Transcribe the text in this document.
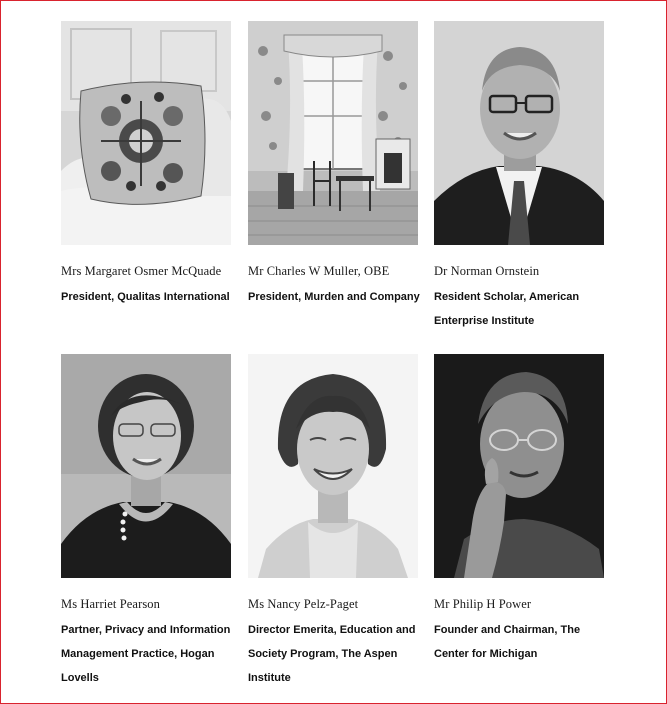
Mrs Margaret Osmer McQuade
President, Qualitas International
Mr Charles W Muller, OBE
President, Murden and Company
Dr Norman Ornstein
Resident Scholar, American
Enterprise Institute
Ms Harriet Pearson
Partner, Privacy and Information
Management Practice, Hogan
Lovells
Ms Nancy Pelz-Paget
Director Emerita, Education and
Society Program, The Aspen
Institute
Mr Philip H Power
Founder and Chairman, The
Center for Michigan
